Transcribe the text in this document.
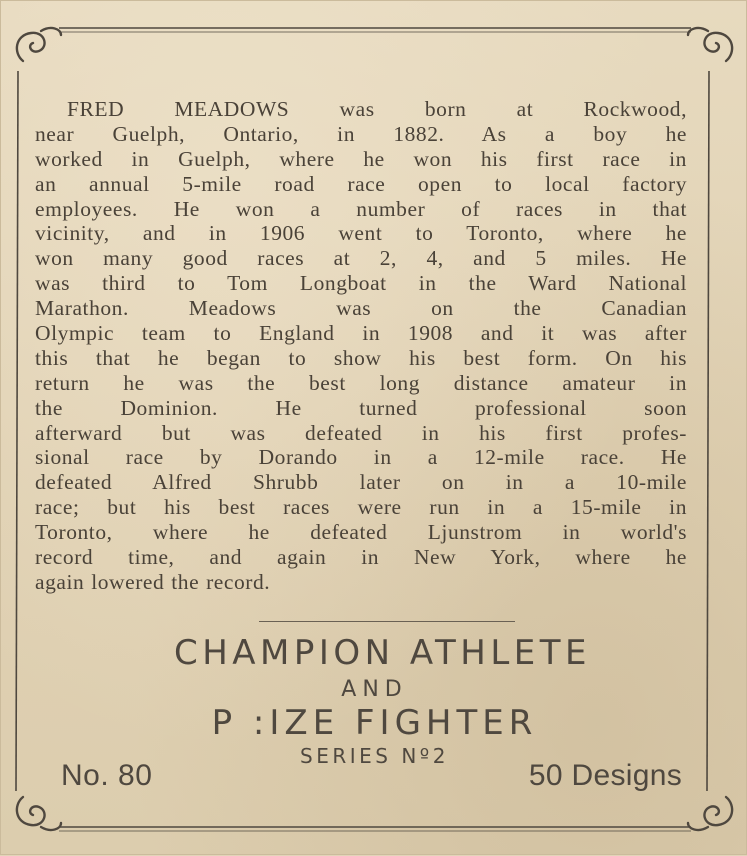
FRED MEADOWS was born at Rockwood,
near Guelph, Ontario, in 1882. As a boy he
worked in Guelph, where he won his first race in
an annual 5-mile road race open to local factory
employees. He won a number of races in that
vicinity, and in 1906 went to Toronto, where he
won many good races at 2, 4, and 5 miles. He
was third to Tom Longboat in the Ward National
Marathon. Meadows was on the Canadian
Olympic team to England in 1908 and it was after
this that he began to show his best form. On his
return he was the best long distance amateur in
the Dominion. He turned professional soon
afterward but was defeated in his first profes-
sional race by Dorando in a 12-mile race. He
defeated Alfred Shrubb later on in a 10-mile
race; but his best races were run in a 15-mile in
Toronto, where he defeated Ljunstrom in world's
record time, and again in New York, where he
again lowered the record.

CHAMPION ATHLETE

AND

P :IZE FIGHTER

SERIES Nº2

No. 80	50 Designs
